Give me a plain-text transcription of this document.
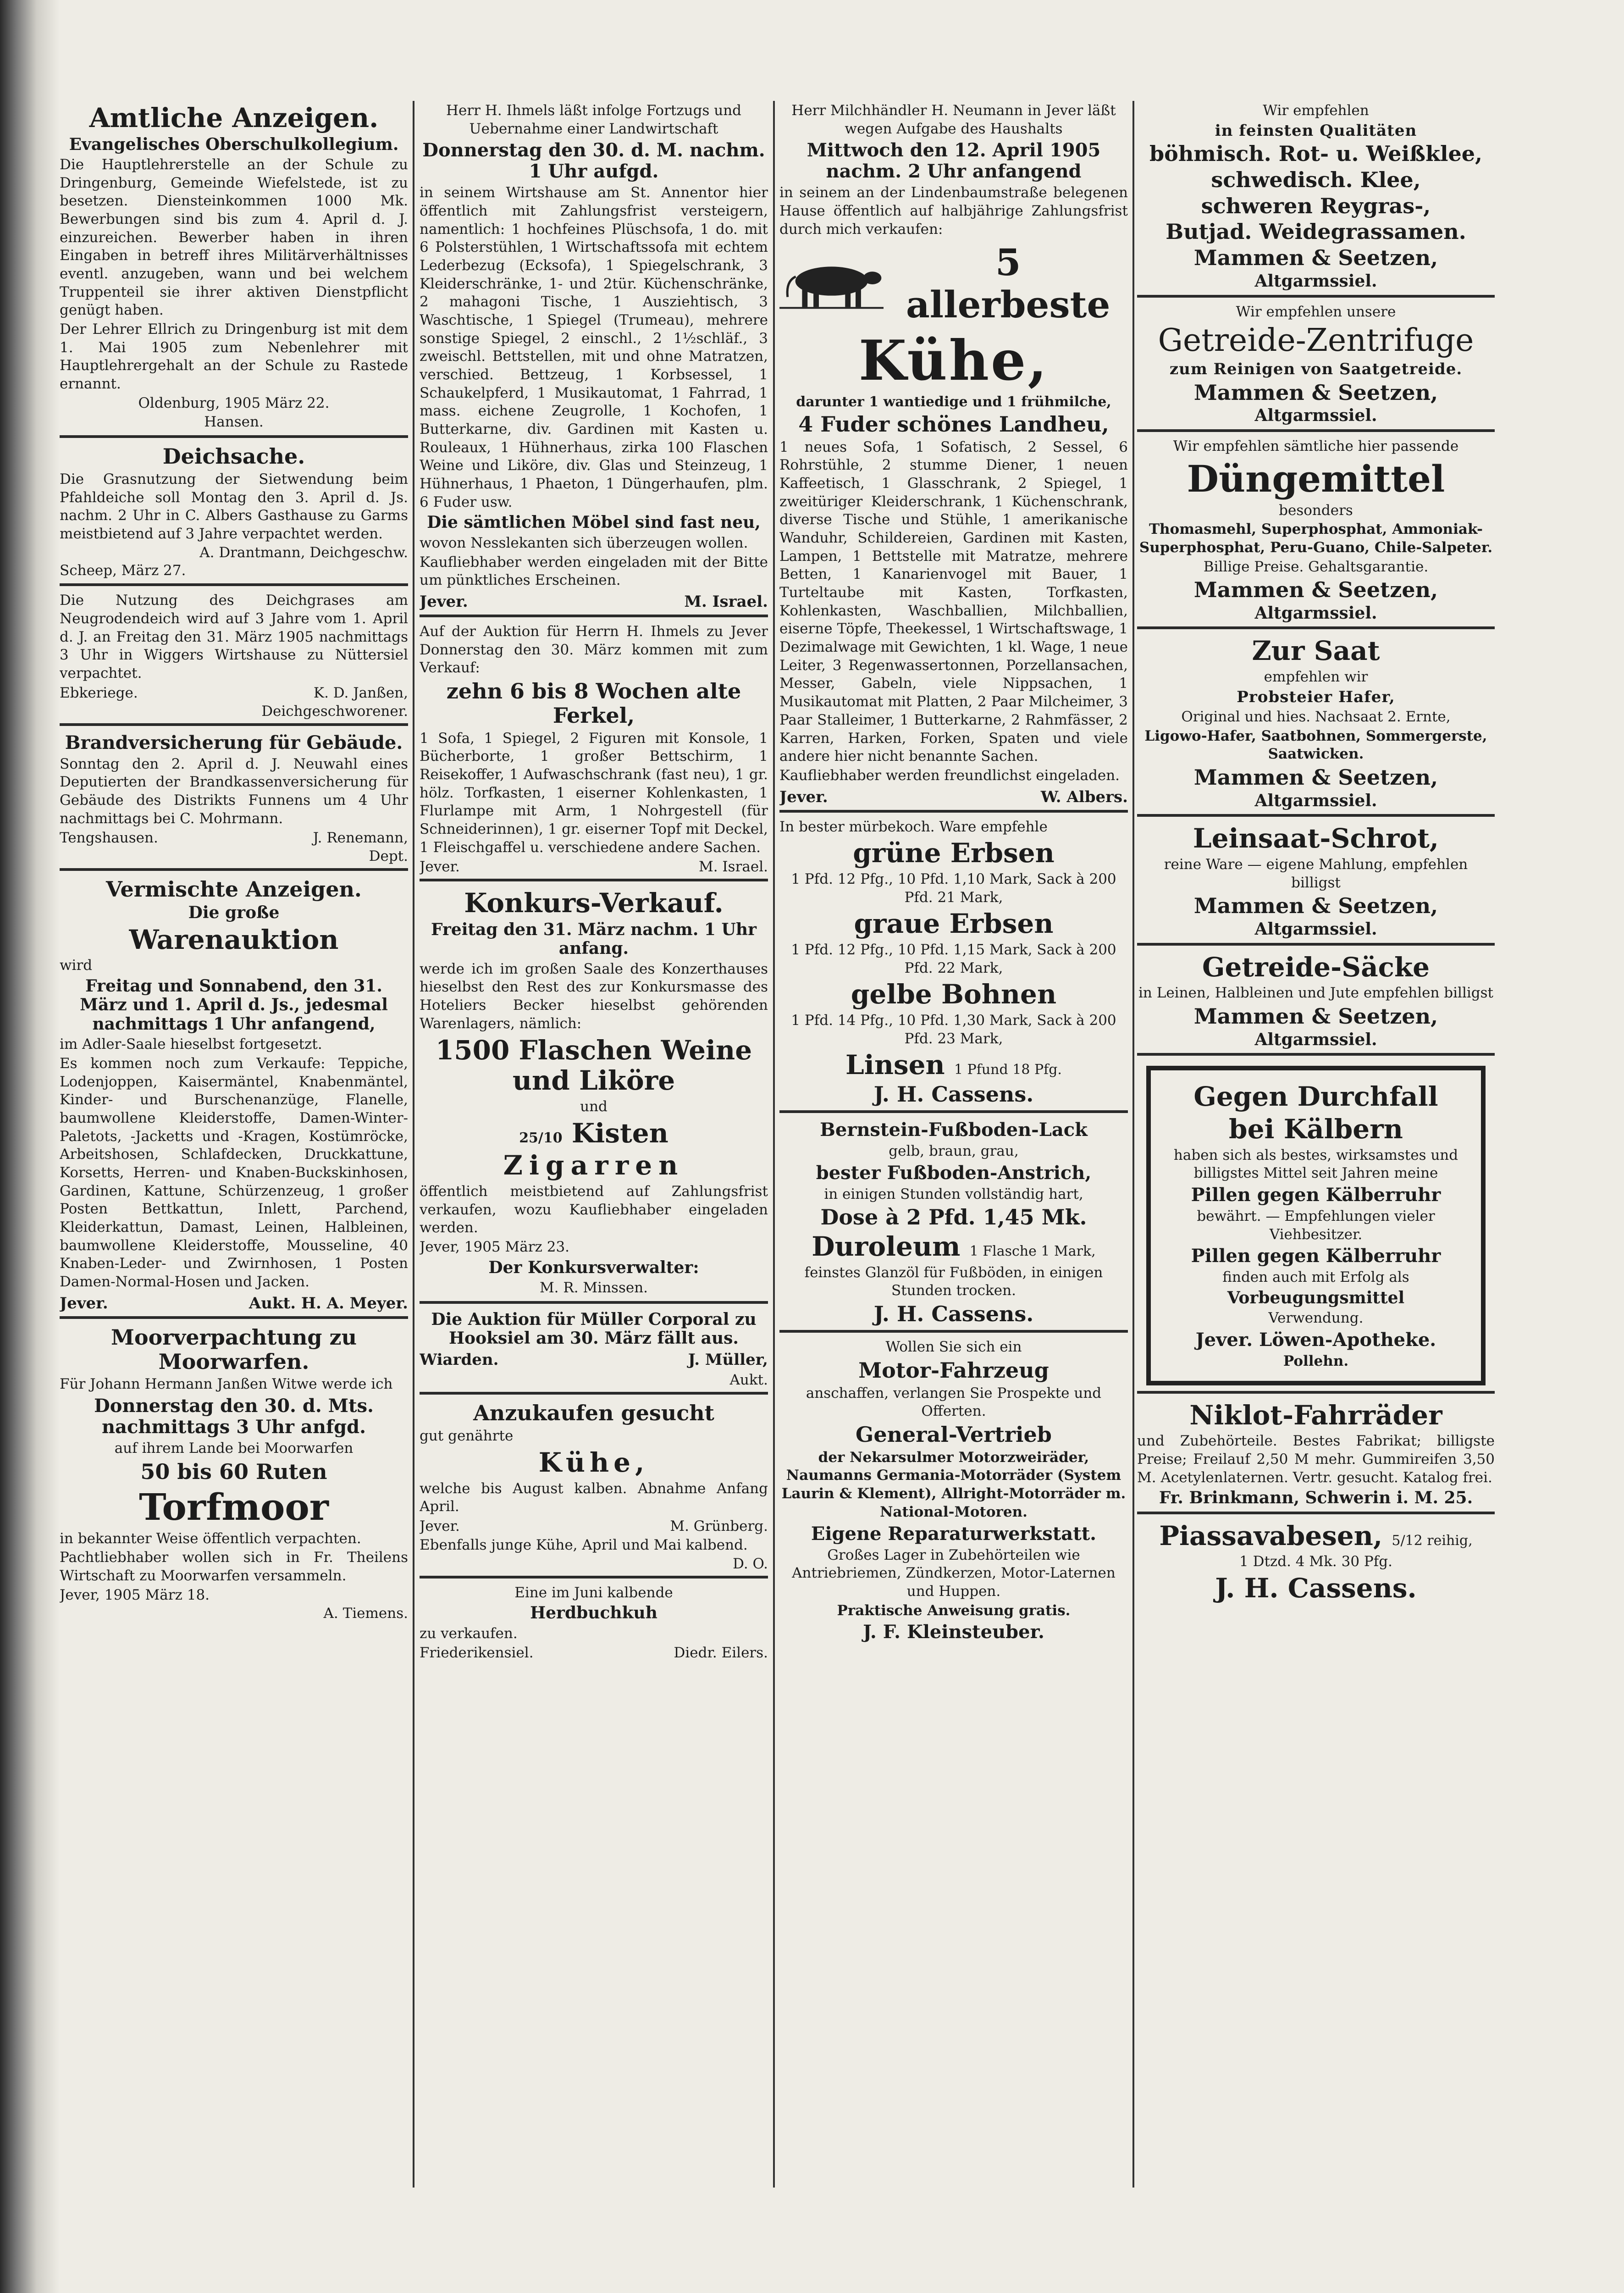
Amtliche Anzeigen.
Evangelisches Oberschulkollegium.
Die Hauptlehrerstelle an der Schule zu Dringenburg, Gemeinde Wiefelstede, ist zu besetzen. Diensteinkommen 1000 Mk. Bewerbungen sind bis zum 4. April d. J. einzureichen. Bewerber haben in ihren Eingaben in betreff ihres Militärverhältnisses eventl. anzugeben, wann und bei welchem Truppenteil sie ihrer aktiven Dienstpflicht genügt haben.
Der Lehrer Ellrich zu Dringenburg ist mit dem 1. Mai 1905 zum Nebenlehrer mit Hauptlehrergehalt an der Schule zu Rastede ernannt.
Oldenburg, 1905 März 22.
Hansen.
Deichsache.
Die Grasnutzung der Sietwendung beim Pfahldeiche soll Montag den 3. April d. Js. nachm. 2 Uhr in C. Albers Gasthause zu Garms meistbietend auf 3 Jahre verpachtet werden.
A. Drantmann, Deichgeschw.
Scheep, März 27.
Die Nutzung des Deichgrases am Neugrodendeich wird auf 3 Jahre vom 1. April d. J. an Freitag den 31. März 1905 nachmittags 3 Uhr in Wiggers Wirtshause zu Nüttersiel verpachtet.
Ebkeriege.	K. D. Janßen,
Deichgeschworener.
Brandversicherung für Gebäude.
Sonntag den 2. April d. J. Neuwahl eines Deputierten der Brandkassenversicherung für Gebäude des Distrikts Funnens um 4 Uhr nachmittags bei C. Mohrmann.
Tengshausen.	J. Renemann,
Dept.
Vermischte Anzeigen.
Die große
Warenauktion
wird
Freitag und Sonnabend, den 31. März und 1. April d. Js., jedesmal nachmittags 1 Uhr anfangend,
im Adler-Saale hieselbst fortgesetzt.
Es kommen noch zum Verkaufe: Teppiche, Lodenjoppen, Kaisermäntel, Knabenmäntel, Kinder- und Burschenanzüge, Flanelle, baumwollene Kleiderstoffe, Damen-Winter-Paletots, -Jacketts und -Kragen, Kostümröcke, Arbeitshosen, Schlafdecken, Druckkattune, Korsetts, Herren- und Knaben-Buckskinhosen, Gardinen, Kattune, Schürzenzeug, 1 großer Posten Bettkattun, Inlett, Parchend, Kleiderkattun, Damast, Leinen, Halbleinen, baumwollene Kleiderstoffe, Mousseline, 40 Knaben-Leder- und Zwirnhosen, 1 Posten Damen-Normal-Hosen und Jacken.
Jever.	Aukt. H. A. Meyer.
Moorverpachtung zu Moorwarfen.
Für Johann Hermann Janßen Witwe werde ich
Donnerstag den 30. d. Mts. nachmittags 3 Uhr anfgd.
auf ihrem Lande bei Moorwarfen
50 bis 60 Ruten
Torfmoor
in bekannter Weise öffentlich verpachten.
Pachtliebhaber wollen sich in Fr. Theilens Wirtschaft zu Moorwarfen versammeln.
Jever, 1905 März 18.
A. Tiemens.
Herr H. Ihmels läßt infolge Fortzugs und Uebernahme einer Landwirtschaft
Donnerstag den 30. d. M. nachm. 1 Uhr aufgd.
in seinem Wirtshause am St. Annentor hier öffentlich mit Zahlungsfrist versteigern, namentlich: 1 hochfeines Plüschsofa, 1 do. mit 6 Polsterstühlen, 1 Wirtschaftssofa mit echtem Lederbezug (Ecksofa), 1 Spiegelschrank, 3 Kleiderschränke, 1- und 2tür. Küchenschränke, 2 mahagoni Tische, 1 Ausziehtisch, 3 Waschtische, 1 Spiegel (Trumeau), mehrere sonstige Spiegel, 2 einschl., 2 1½schläf., 3 zweischl. Bettstellen, mit und ohne Matratzen, verschied. Bettzeug, 1 Korbsessel, 1 Schaukelpferd, 1 Musikautomat, 1 Fahrrad, 1 mass. eichene Zeugrolle, 1 Kochofen, 1 Butterkarne, div. Gardinen mit Kasten u. Rouleaux, 1 Hühnerhaus, zirka 100 Flaschen Weine und Liköre, div. Glas und Steinzeug, 1 Hühnerhaus, 1 Phaeton, 1 Düngerhaufen, plm. 6 Fuder usw.
Die sämtlichen Möbel sind fast neu,
wovon Nesslekanten sich überzeugen wollen.
Kaufliebhaber werden eingeladen mit der Bitte um pünktliches Erscheinen.
Jever.	M. Israel.
Auf der Auktion für Herrn H. Ihmels zu Jever Donnerstag den 30. März kommen mit zum Verkauf:
zehn 6 bis 8 Wochen alte Ferkel,
1 Sofa, 1 Spiegel, 2 Figuren mit Konsole, 1 Bücherborte, 1 großer Bettschirm, 1 Reisekoffer, 1 Aufwaschschrank (fast neu), 1 gr. hölz. Torfkasten, 1 eiserner Kohlenkasten, 1 Flurlampe mit Arm, 1 Nohrgestell (für Schneiderinnen), 1 gr. eiserner Topf mit Deckel, 1 Fleischgaffel u. verschiedene andere Sachen.
Jever.	M. Israel.
Konkurs-Verkauf.
Freitag den 31. März nachm. 1 Uhr anfang.
werde ich im großen Saale des Konzerthauses hieselbst den Rest des zur Konkursmasse des Hoteliers Becker hieselbst gehörenden Warenlagers, nämlich:
1500 Flaschen Weine und Liköre
und
25/10 Kisten
Zigarren
öffentlich meistbietend auf Zahlungsfrist verkaufen, wozu Kaufliebhaber eingeladen werden.
Jever, 1905 März 23.
Der Konkursverwalter:
M. R. Minssen.
Die Auktion für Müller Corporal zu Hooksiel am 30. März fällt aus.
Wiarden.	J. Müller,
Aukt.
Anzukaufen gesucht
gut genährte
Kühe,
welche bis August kalben. Abnahme Anfang April.
Jever.	M. Grünberg.
Ebenfalls junge Kühe, April und Mai kalbend.
D. O.
Eine im Juni kalbende
Herdbuchkuh
zu verkaufen.
Friederikensiel.	Diedr. Eilers.
Herr Milchhändler H. Neumann in Jever läßt wegen Aufgabe des Haushalts
Mittwoch den 12. April 1905 nachm. 2 Uhr anfangend
in seinem an der Lindenbaumstraße belegenen Hause öffentlich auf halbjährige Zahlungsfrist durch mich verkaufen:
5 allerbeste
Kühe,
darunter 1 wantiedige und 1 frühmilche,
4 Fuder schönes Landheu,
1 neues Sofa, 1 Sofatisch, 2 Sessel, 6 Rohrstühle, 2 stumme Diener, 1 neuen Kaffeetisch, 1 Glasschrank, 2 Spiegel, 1 zweitüriger Kleiderschrank, 1 Küchenschrank, diverse Tische und Stühle, 1 amerikanische Wanduhr, Schildereien, Gardinen mit Kasten, Lampen, 1 Bettstelle mit Matratze, mehrere Betten, 1 Kanarienvogel mit Bauer, 1 Turteltaube mit Kasten, Torfkasten, Kohlenkasten, Waschballien, Milchballien, eiserne Töpfe, Theekessel, 1 Wirtschaftswage, 1 Dezimalwage mit Gewichten, 1 kl. Wage, 1 neue Leiter, 3 Regenwassertonnen, Porzellansachen, Messer, Gabeln, viele Nippsachen, 1 Musikautomat mit Platten, 2 Paar Milcheimer, 3 Paar Stalleimer, 1 Butterkarne, 2 Rahmfässer, 2 Karren, Harken, Forken, Spaten und viele andere hier nicht benannte Sachen.
Kaufliebhaber werden freundlichst eingeladen.
Jever.	W. Albers.
In bester mürbekoch. Ware empfehle
grüne Erbsen
1 Pfd. 12 Pfg., 10 Pfd. 1,10 Mark, Sack à 200 Pfd. 21 Mark,
graue Erbsen
1 Pfd. 12 Pfg., 10 Pfd. 1,15 Mark, Sack à 200 Pfd. 22 Mark,
gelbe Bohnen
1 Pfd. 14 Pfg., 10 Pfd. 1,30 Mark, Sack à 200 Pfd. 23 Mark,
Linsen 1 Pfund 18 Pfg.
J. H. Cassens.
Bernstein-Fußboden-Lack
gelb, braun, grau,
bester Fußboden-Anstrich,
in einigen Stunden vollständig hart,
Dose à 2 Pfd. 1,45 Mk.
Duroleum 1 Flasche 1 Mark,
feinstes Glanzöl für Fußböden, in einigen Stunden trocken.
J. H. Cassens.
Wollen Sie sich ein
Motor-Fahrzeug
anschaffen, verlangen Sie Prospekte und Offerten.
General-Vertrieb
der Nekarsulmer Motorzweiräder, Naumanns Germania-Motorräder (System Laurin & Klement), Allright-Motorräder m. National-Motoren.
Eigene Reparaturwerkstatt.
Großes Lager in Zubehörteilen wie Antriebriemen, Zündkerzen, Motor-Laternen und Huppen.
Praktische Anweisung gratis.
J. F. Kleinsteuber.
Wir empfehlen
in feinsten Qualitäten
böhmisch. Rot- u. Weißklee,
schwedisch. Klee,
schweren Reygras-,
Butjad. Weidegrassamen.
Mammen & Seetzen,
Altgarmssiel.
Wir empfehlen unsere
Getreide-Zentrifuge
zum Reinigen von Saatgetreide.
Mammen & Seetzen,
Altgarmssiel.
Wir empfehlen sämtliche hier passende
Düngemittel
besonders
Thomasmehl, Superphosphat, Ammoniak-Superphosphat, Peru-Guano, Chile-Salpeter.
Billige Preise. Gehaltsgarantie.
Mammen & Seetzen,
Altgarmssiel.
Zur Saat
empfehlen wir
Probsteier Hafer,
Original und hies. Nachsaat 2. Ernte,
Ligowo-Hafer, Saatbohnen, Sommergerste, Saatwicken.
Mammen & Seetzen,
Altgarmssiel.
Leinsaat-Schrot,
reine Ware — eigene Mahlung, empfehlen billigst
Mammen & Seetzen,
Altgarmssiel.
Getreide-Säcke
in Leinen, Halbleinen und Jute empfehlen billigst
Mammen & Seetzen,
Altgarmssiel.
Gegen Durchfall
bei Kälbern
haben sich als bestes, wirksamstes und billigstes Mittel seit Jahren meine
Pillen gegen Kälberruhr
bewährt. — Empfehlungen vieler Viehbesitzer.
Pillen gegen Kälberruhr
finden auch mit Erfolg als
Vorbeugungsmittel
Verwendung.
Jever. Löwen-Apotheke.
Pollehn.
Niklot-Fahrräder
und Zubehörteile. Bestes Fabrikat; billigste Preise; Freilauf 2,50 M mehr. Gummireifen 3,50 M. Acetylenlaternen. Vertr. gesucht. Katalog frei.
Fr. Brinkmann, Schwerin i. M. 25.
Piassavabesen, 5/12 reihig,
1 Dtzd. 4 Mk. 30 Pfg.
J. H. Cassens.
